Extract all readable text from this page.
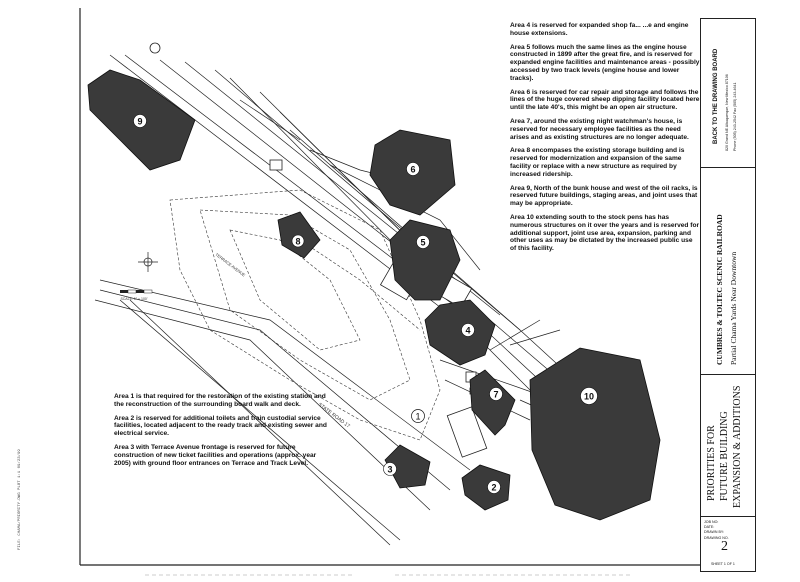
9
6
5
4
8
7	10
3
2
1
SCALE: 1" = 100'
TERRACE AVENUE
STATE ROAD 17

Area 4 is reserved for expanded shop fa... ...e and engine house extensions.

Area 5 follows much the same lines as the engine house constructed in 1899 after the great fire, and is reserved for expanded engine facilities and maintenance areas - possibly accessed by two track levels (engine house and lower tracks).

Area 6 is reserved for car repair and storage and follows the lines of the huge covered sheep dipping facility located here until the late 40's, this might be an open air structure.

Area 7, around the existing night watchman's house, is reserved for necessary employee facilities as the need arises and as existing structures are no longer adequate.

Area 8 encompases the existing storage building and is reserved for modernization and expansion of the same facility or replace with a new structure as required by increased ridership.

Area 9, North of the bunk house and west of the oil racks, is reserved future buildings, staging areas, and joint uses that may be appropriate.

Area 10 extending south to the stock pens has has numerous structures on it over the years and is reserved for additional support, joint use area, expansion, parking and other uses as may be dictated by the increased public use of this facility.

Area 1 is that required for the restoration of the existing station and the reconstruction of the surrounding board walk and deck.

Area 2 is reserved for additional toilets and train custodial service facilities, located adjacent to the ready track and existing sewer and electrical service.

Area 3 with Terrace Avenue frontage is reserved for future construction of new ticket facilities and operations (approx. year 2005) with ground floor entrances on Terrace and Track Level.

FILE: CHAMA/PRIORITY.DWG PLOT 1:1 09/23/99
BACK TO THE DRAWING BOARD 820 Grand NE Albuquerque, New Mexico 87106 Phone (505) 243-2542 Fax (505) 243-4641
CUMBRES & TOLTEC SCENIC RAILROAD Partial Chama Yards Near Downtown
PRIORITIES FOR FUTURE BUILDING EXPANSION & ADDITIONS
JOB NO:
DATE:
DRAWN BY:
DRAWING NO.
2
SHEET 1 OF 1
